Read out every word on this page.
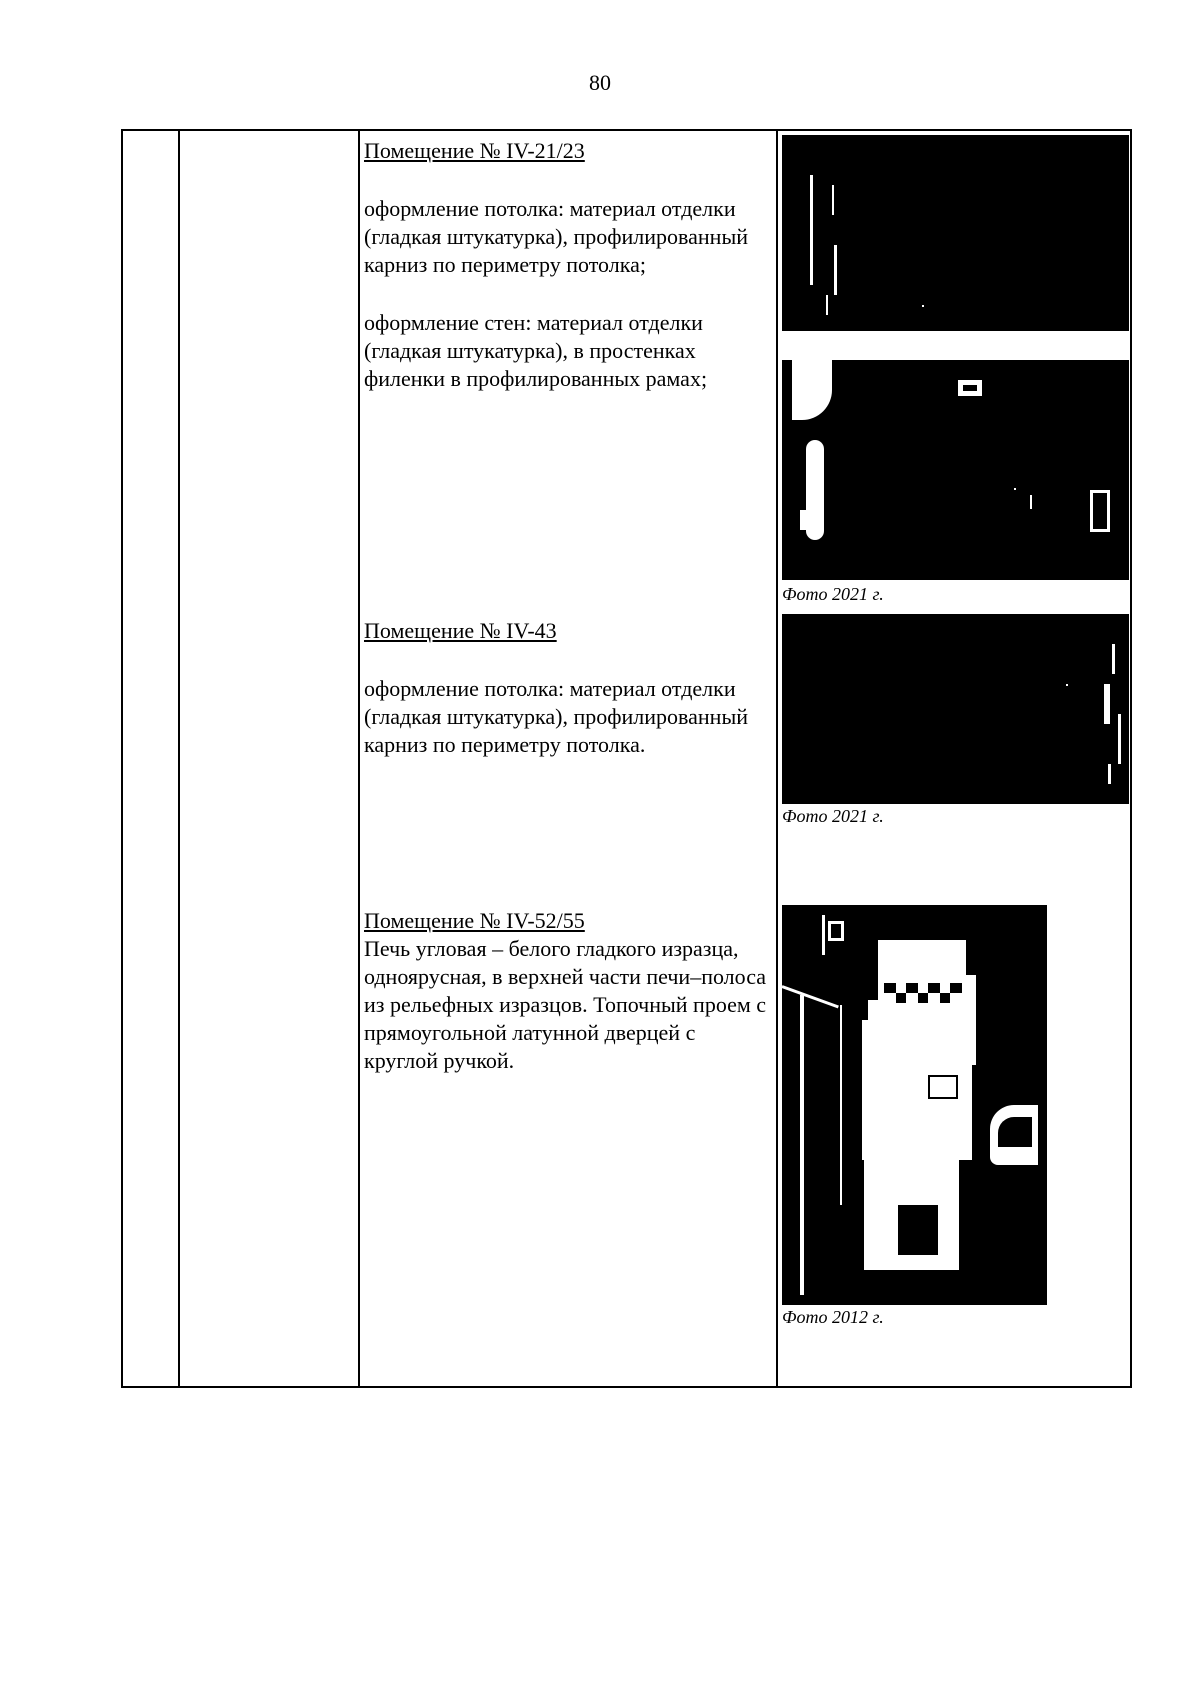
80

Помещение № IV-21/23

оформление потолка: материал отделки (гладкая штукатурка), профилированный карниз по периметру потолка;

оформление стен: материал отделки (гладкая штукатурка), в простенках филенки в профилированных рамах;

Помещение № IV-43

оформление потолка: материал отделки (гладкая штукатурка), профилированный карниз по периметру потолка.

Помещение № IV-52/55

Печь угловая – белого гладкого изразца, одноярусная, в верхней части печи–полоса из рельефных изразцов. Топочный проем с прямоугольной латунной дверцей с круглой ручкой.

Фото 2021 г.
Фото 2021 г.
Фото 2012 г.
